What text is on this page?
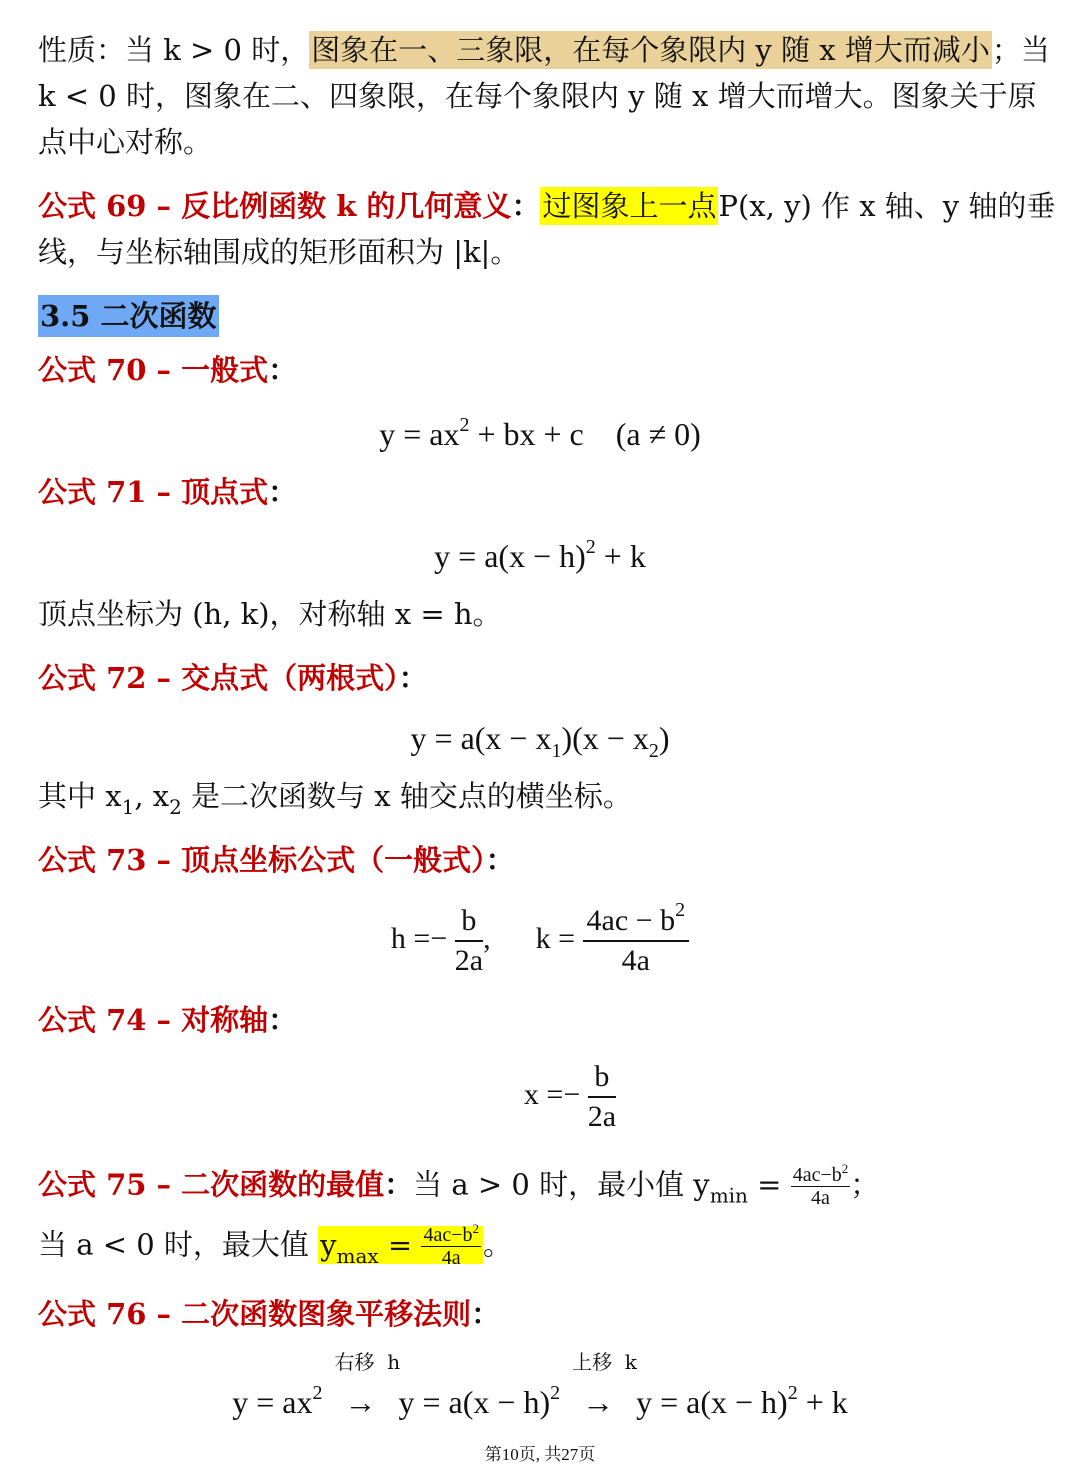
性质：当 k > 0 时，图象在一、三象限，在每个象限内 y 随 x 增大而减小；当
k < 0 时，图象在二、四象限，在每个象限内 y 随 x 增大而增大。图象关于原
点中心对称。
公式 69 – 反比例函数 k 的几何意义：过图象上一点P(x, y) 作 x 轴、y 轴的垂
线，与坐标轴围成的矩形面积为 |k|。
3.5 二次函数
公式 70 – 一般式：
$y = ax^2$ + bx + c    (a ≠ 0)
公式 71 – 顶点式：
$y = a(x - h)^2 + k$
顶点坐标为 (h, k)，对称轴 x = h。
公式 72 – 交点式（两根式）：
$y = a(x - x_1)(x - x_2)$
其中 $x_1$, $x_2$ 是二次函数与 x 轴交点的横坐标。
公式 73 – 顶点坐标公式（一般式）：
$h =- \frac{b}{2a}$ , $k = \frac{4ac - b^2}{4a}$
公式 74 – 对称轴：
$x =- \frac{b}{2a}$
公式 75 – 二次函数的最值：当 a > 0 时，最小值 $y_{min} = \frac{4ac-b^2}{4a}$ ；
当 a < 0 时，最大值 $y_{max} = \frac{4ac-b^2}{4a}$ 。
公式 76 – 二次函数图象平移法则：
$y = ax^2$
右移  h
→ $y = a(x - h)^2$
上移  k
→ $y = a(x - h)^2 + k$
第10页, 共27页
